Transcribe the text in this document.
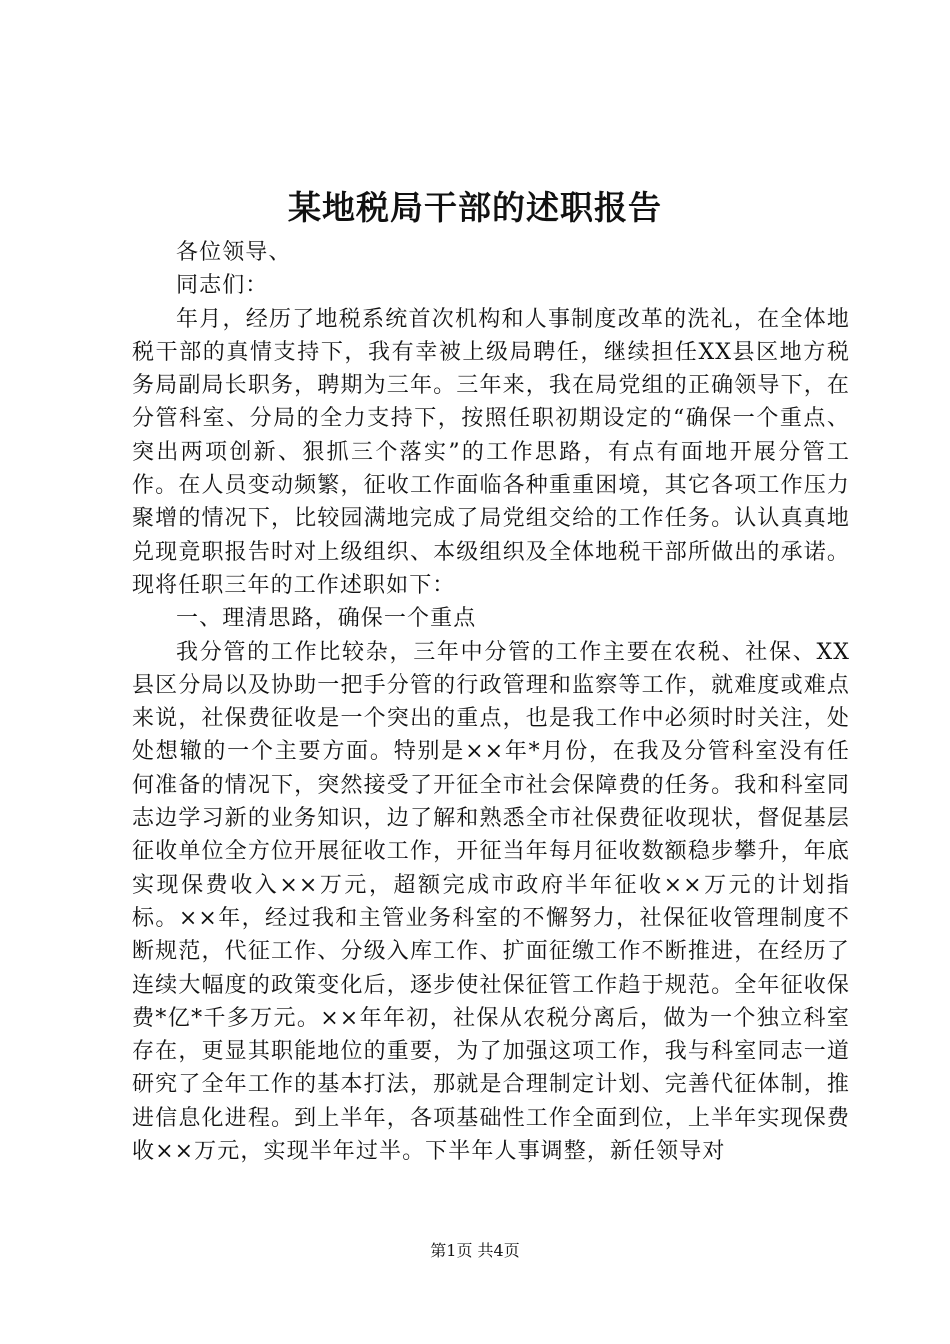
某地税局干部的述职报告

各位领导、

同志们：

年月，经历了地税系统首次机构和人事制度改革的洗礼，在全体地税干部的真情支持下，我有幸被上级局聘任，继续担任XX县区地方税务局副局长职务，聘期为三年。三年来，我在局党组的正确领导下，在分管科室、分局的全力支持下，按照任职初期设定的“确保一个重点、突出两项创新、狠抓三个落实”的工作思路，有点有面地开展分管工作。在人员变动频繁，征收工作面临各种重重困境，其它各项工作压力聚增的情况下，比较园满地完成了局党组交给的工作任务。认认真真地兑现竟职报告时对上级组织、本级组织及全体地税干部所做出的承诺。现将任职三年的工作述职如下：

一、理清思路，确保一个重点

我分管的工作比较杂，三年中分管的工作主要在农税、社保、XX县区分局以及协助一把手分管的行政管理和监察等工作，就难度或难点来说，社保费征收是一个突出的重点，也是我工作中必须时时关注，处处想辙的一个主要方面。特别是××年*月份，在我及分管科室没有任何准备的情况下，突然接受了开征全市社会保障费的任务。我和科室同志边学习新的业务知识，边了解和熟悉全市社保费征收现状，督促基层征收单位全方位开展征收工作，开征当年每月征收数额稳步攀升，年底实现保费收入××万元，超额完成市政府半年征收××万元的计划指标。××年，经过我和主管业务科室的不懈努力，社保征收管理制度不断规范，代征工作、分级入库工作、扩面征缴工作不断推进，在经历了连续大幅度的政策变化后，逐步使社保征管工作趋于规范。全年征收保费*亿*千多万元。××年年初，社保从农税分离后，做为一个独立科室存在，更显其职能地位的重要，为了加强这项工作，我与科室同志一道研究了全年工作的基本打法，那就是合理制定计划、完善代征体制，推进信息化进程。到上半年，各项基础性工作全面到位，上半年实现保费收××万元，实现半年过半。下半年人事调整，新任领导对

第1页 共4页
